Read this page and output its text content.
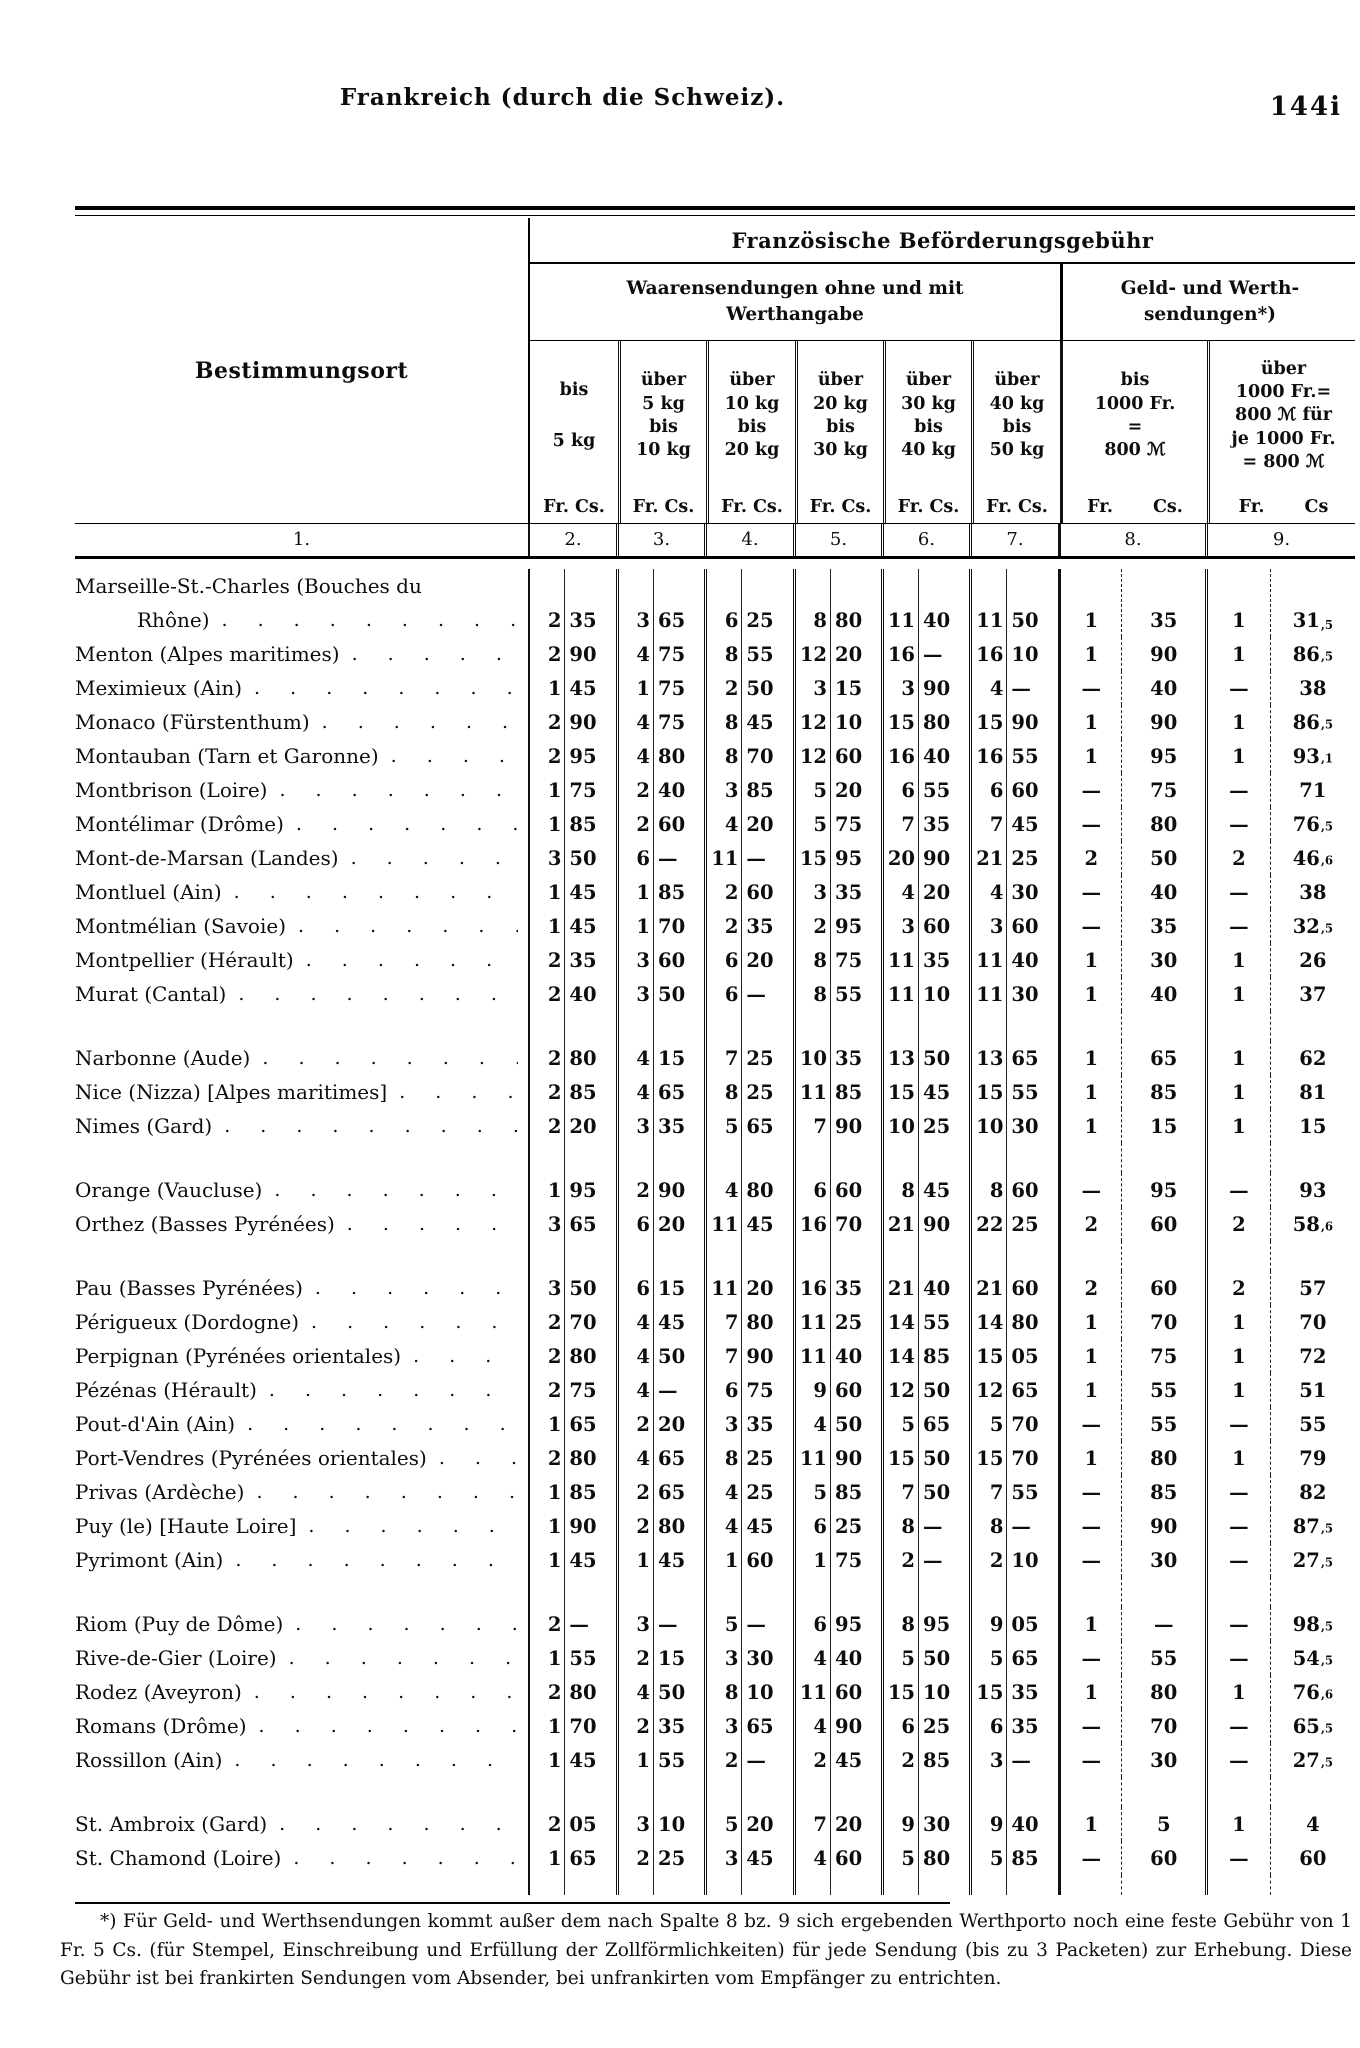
Frankreich (durch die Schweiz).	144i
Bestimmungsort
Französische Beförderungsgebühr
Waarensendungen ohne und mit
Werthangabe
Geld- und Werth-
sendungen*)
bis
5 kg
Fr. Cs.
über
5 kg
bis
10 kg
Fr. Cs.
über
10 kg
bis
20 kg
Fr. Cs.
über
20 kg
bis
30 kg
Fr. Cs.
über
30 kg
bis
40 kg
Fr. Cs.
über
40 kg
bis
50 kg
Fr. Cs.
bis
1000 Fr.
=
800 ℳ
Fr. Cs.
über
1000 Fr.=
800 ℳ für
je 1000 Fr.
= 800 ℳ
Fr. Cs
1.	2.	3.	4.	5.	6.	7.	8.	9.
Marseille-St.-Charles (Bouches du
Rhône) . . .	2 35	3 65	6 25	8 80	11 40	11 50	1	35	1	31 ,5
Menton (Alpes maritimes) . . .	2 90	4 75	8 55	12 20	16 —	16 10	1	90	1	86 ,5
Meximieux (Ain) . . .	1 45	1 75	2 50	3 15	3 90	4 —	—	40	—	38
Monaco (Fürstenthum) . . .	2 90	4 75	8 45	12 10	15 80	15 90	1	90	1	86 ,5
Montauban (Tarn et Garonne) . . .	2 95	4 80	8 70	12 60	16 40	16 55	1	95	1	93 ,1
Montbrison (Loire) . . .	1 75	2 40	3 85	5 20	6 55	6 60	—	75	—	71
Montélimar (Drôme) . . .	1 85	2 60	4 20	5 75	7 35	7 45	—	80	—	76 ,5
Mont-de-Marsan (Landes) . . .	3 50	6 —	11 —	15 95	20 90	21 25	2	50	2	46 ,6
Montluel (Ain) . . .	1 45	1 85	2 60	3 35	4 20	4 30	—	40	—	38
Montmélian (Savoie) . . .	1 45	1 70	2 35	2 95	3 60	3 60	—	35	—	32 ,5
Montpellier (Hérault) . . .	2 35	3 60	6 20	8 75	11 35	11 40	1	30	1	26
Murat (Cantal) . . .	2 40	3 50	6 —	8 55	11 10	11 30	1	40	1	37
Narbonne (Aude) . . .	2 80	4 15	7 25	10 35	13 50	13 65	1	65	1	62
Nice (Nizza) [Alpes maritimes] . . .	2 85	4 65	8 25	11 85	15 45	15 55	1	85	1	81
Nimes (Gard) . . .	2 20	3 35	5 65	7 90	10 25	10 30	1	15	1	15
Orange (Vaucluse) . . .	1 95	2 90	4 80	6 60	8 45	8 60	—	95	—	93
Orthez (Basses Pyrénées) . . .	3 65	6 20	11 45	16 70	21 90	22 25	2	60	2	58 ,6
Pau (Basses Pyrénées) . . .	3 50	6 15	11 20	16 35	21 40	21 60	2	60	2	57
Périgueux (Dordogne) . . .	2 70	4 45	7 80	11 25	14 55	14 80	1	70	1	70
Perpignan (Pyrénées orientales) . . .	2 80	4 50	7 90	11 40	14 85	15 05	1	75	1	72
Pézénas (Hérault) . . .	2 75	4 —	6 75	9 60	12 50	12 65	1	55	1	51
Pout-d'Ain (Ain) . . .	1 65	2 20	3 35	4 50	5 65	5 70	—	55	—	55
Port-Vendres (Pyrénées orientales) . . .	2 80	4 65	8 25	11 90	15 50	15 70	1	80	1	79
Privas (Ardèche) . . .	1 85	2 65	4 25	5 85	7 50	7 55	—	85	—	82
Puy (le) [Haute Loire] . . .	1 90	2 80	4 45	6 25	8 —	8 —	—	90	—	87 ,5
Pyrimont (Ain) . . .	1 45	1 45	1 60	1 75	2 —	2 10	—	30	—	27 ,5
Riom (Puy de Dôme) . . .	2 —	3 —	5 —	6 95	8 95	9 05	1	—	—	98 ,5
Rive-de-Gier (Loire) . . .	1 55	2 15	3 30	4 40	5 50	5 65	—	55	—	54 ,5
Rodez (Aveyron) . . .	2 80	4 50	8 10	11 60	15 10	15 35	1	80	1	76 ,6
Romans (Drôme) . . .	1 70	2 35	3 65	4 90	6 25	6 35	—	70	—	65 ,5
Rossillon (Ain) . . .	1 45	1 55	2 —	2 45	2 85	3 —	—	30	—	27 ,5
St. Ambroix (Gard) . . .	2 05	3 10	5 20	7 20	9 30	9 40	1	5	1	4
St. Chamond (Loire) . . .	1 65	2 25	3 45	4 60	5 80	5 85	—	60	—	60

*) Für Geld- und Werthsendungen kommt außer dem nach Spalte 8 bz. 9 sich ergebenden Werthporto noch eine feste Gebühr von 1 Fr. 5 Cs. (für Stempel, Einschreibung und Erfüllung der Zollförmlichkeiten) für jede Sendung (bis zu 3 Packeten) zur Erhebung. Diese Gebühr ist bei frankirten Sendungen vom Absender, bei unfrankirten vom Empfänger zu entrichten.
